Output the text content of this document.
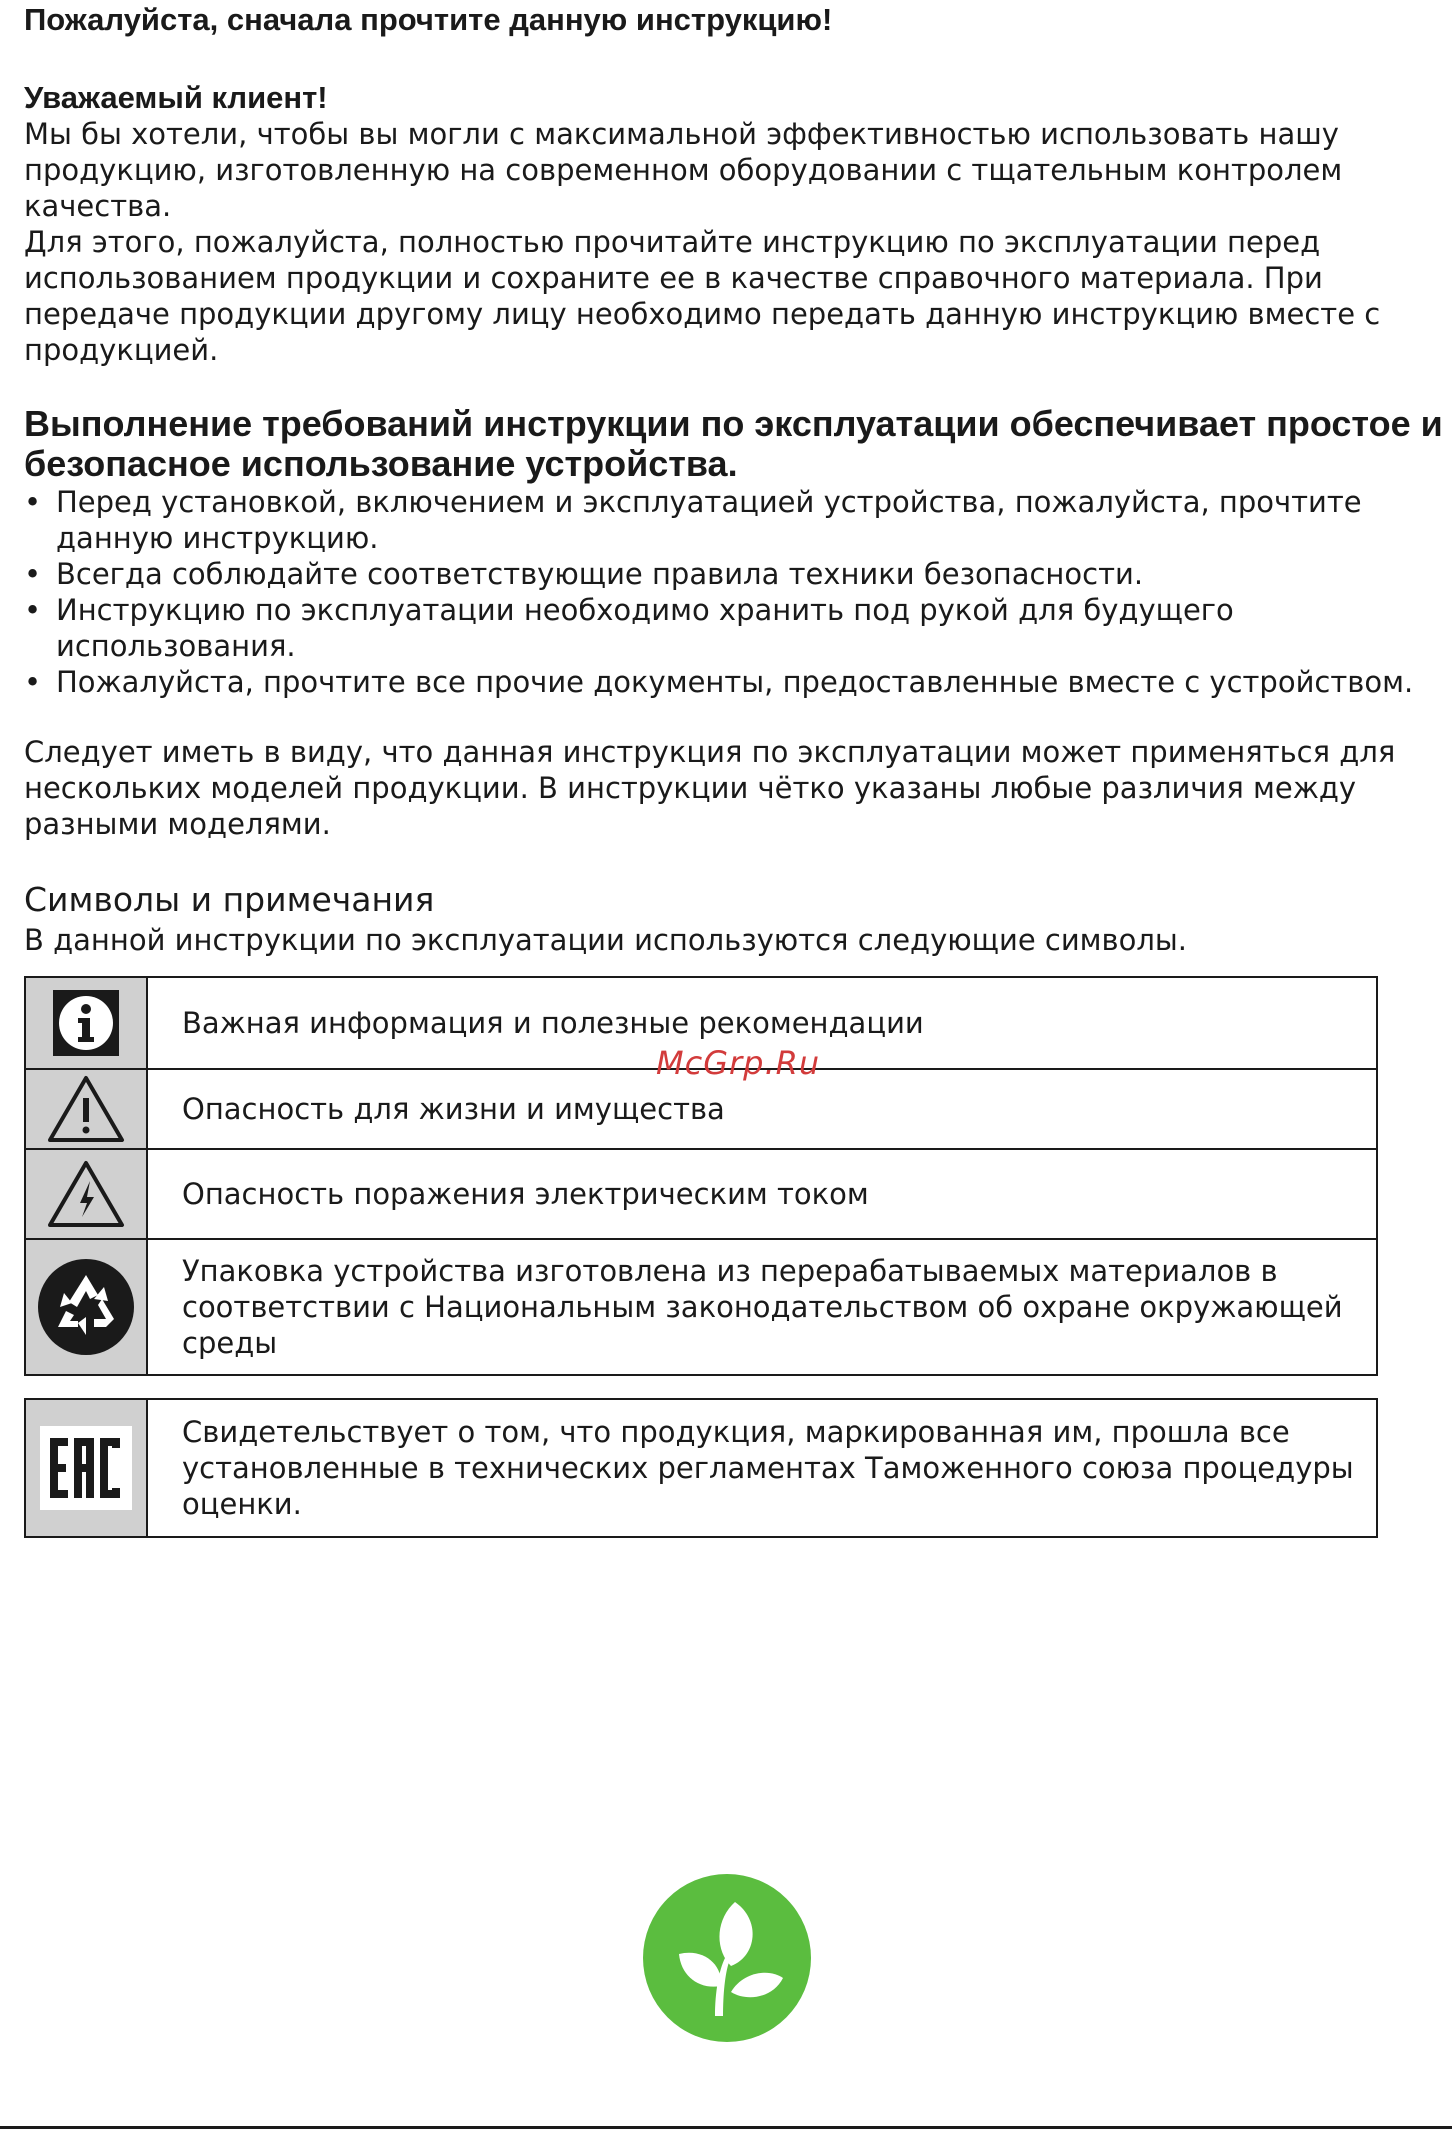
Пожалуйста, сначала прочтите данную инструкцию!
Уважаемый клиент!

Мы бы хотели, чтобы вы могли с максимальной эффективностью использовать нашу продукцию, изготовленную на современном оборудовании с тщательным контролем качества.

Для этого, пожалуйста, полностью прочитайте инструкцию по эксплуатации перед использованием продукции и сохраните ее в качестве справочного материала. При передаче продукции другому лицу необходимо передать данную инструкцию вместе с продукцией.

Выполнение требований инструкции по эксплуатации обеспечивает простое и безопасное использование устройства.
• Перед установкой, включением и эксплуатацией устройства, пожалуйста, прочтите данную инструкцию.
• Всегда соблюдайте соответствующие правила техники безопасности.
• Инструкцию по эксплуатации необходимо хранить под рукой для будущего использования.
• Пожалуйста, прочтите все прочие документы, предоставленные вместе с устройством.

Следует иметь в виду, что данная инструкция по эксплуатации может применяться для нескольких моделей продукции. В инструкции чётко указаны любые различия между разными моделями.

Символы и примечания

В данной инструкции по эксплуатации используются следующие символы.

Важная информация и полезные рекомендации
Опасность для жизни и имущества
Опасность поражения электрическим током
Упаковка устройства изготовлена из перерабатываемых материалов в соответствии с Национальным законодательством об охране окружающей среды
Свидетельствует о том, что продукция, маркированная им, прошла все установленные в технических регламентах Таможенного союза процедуры оценки.
McGrp.Ru
